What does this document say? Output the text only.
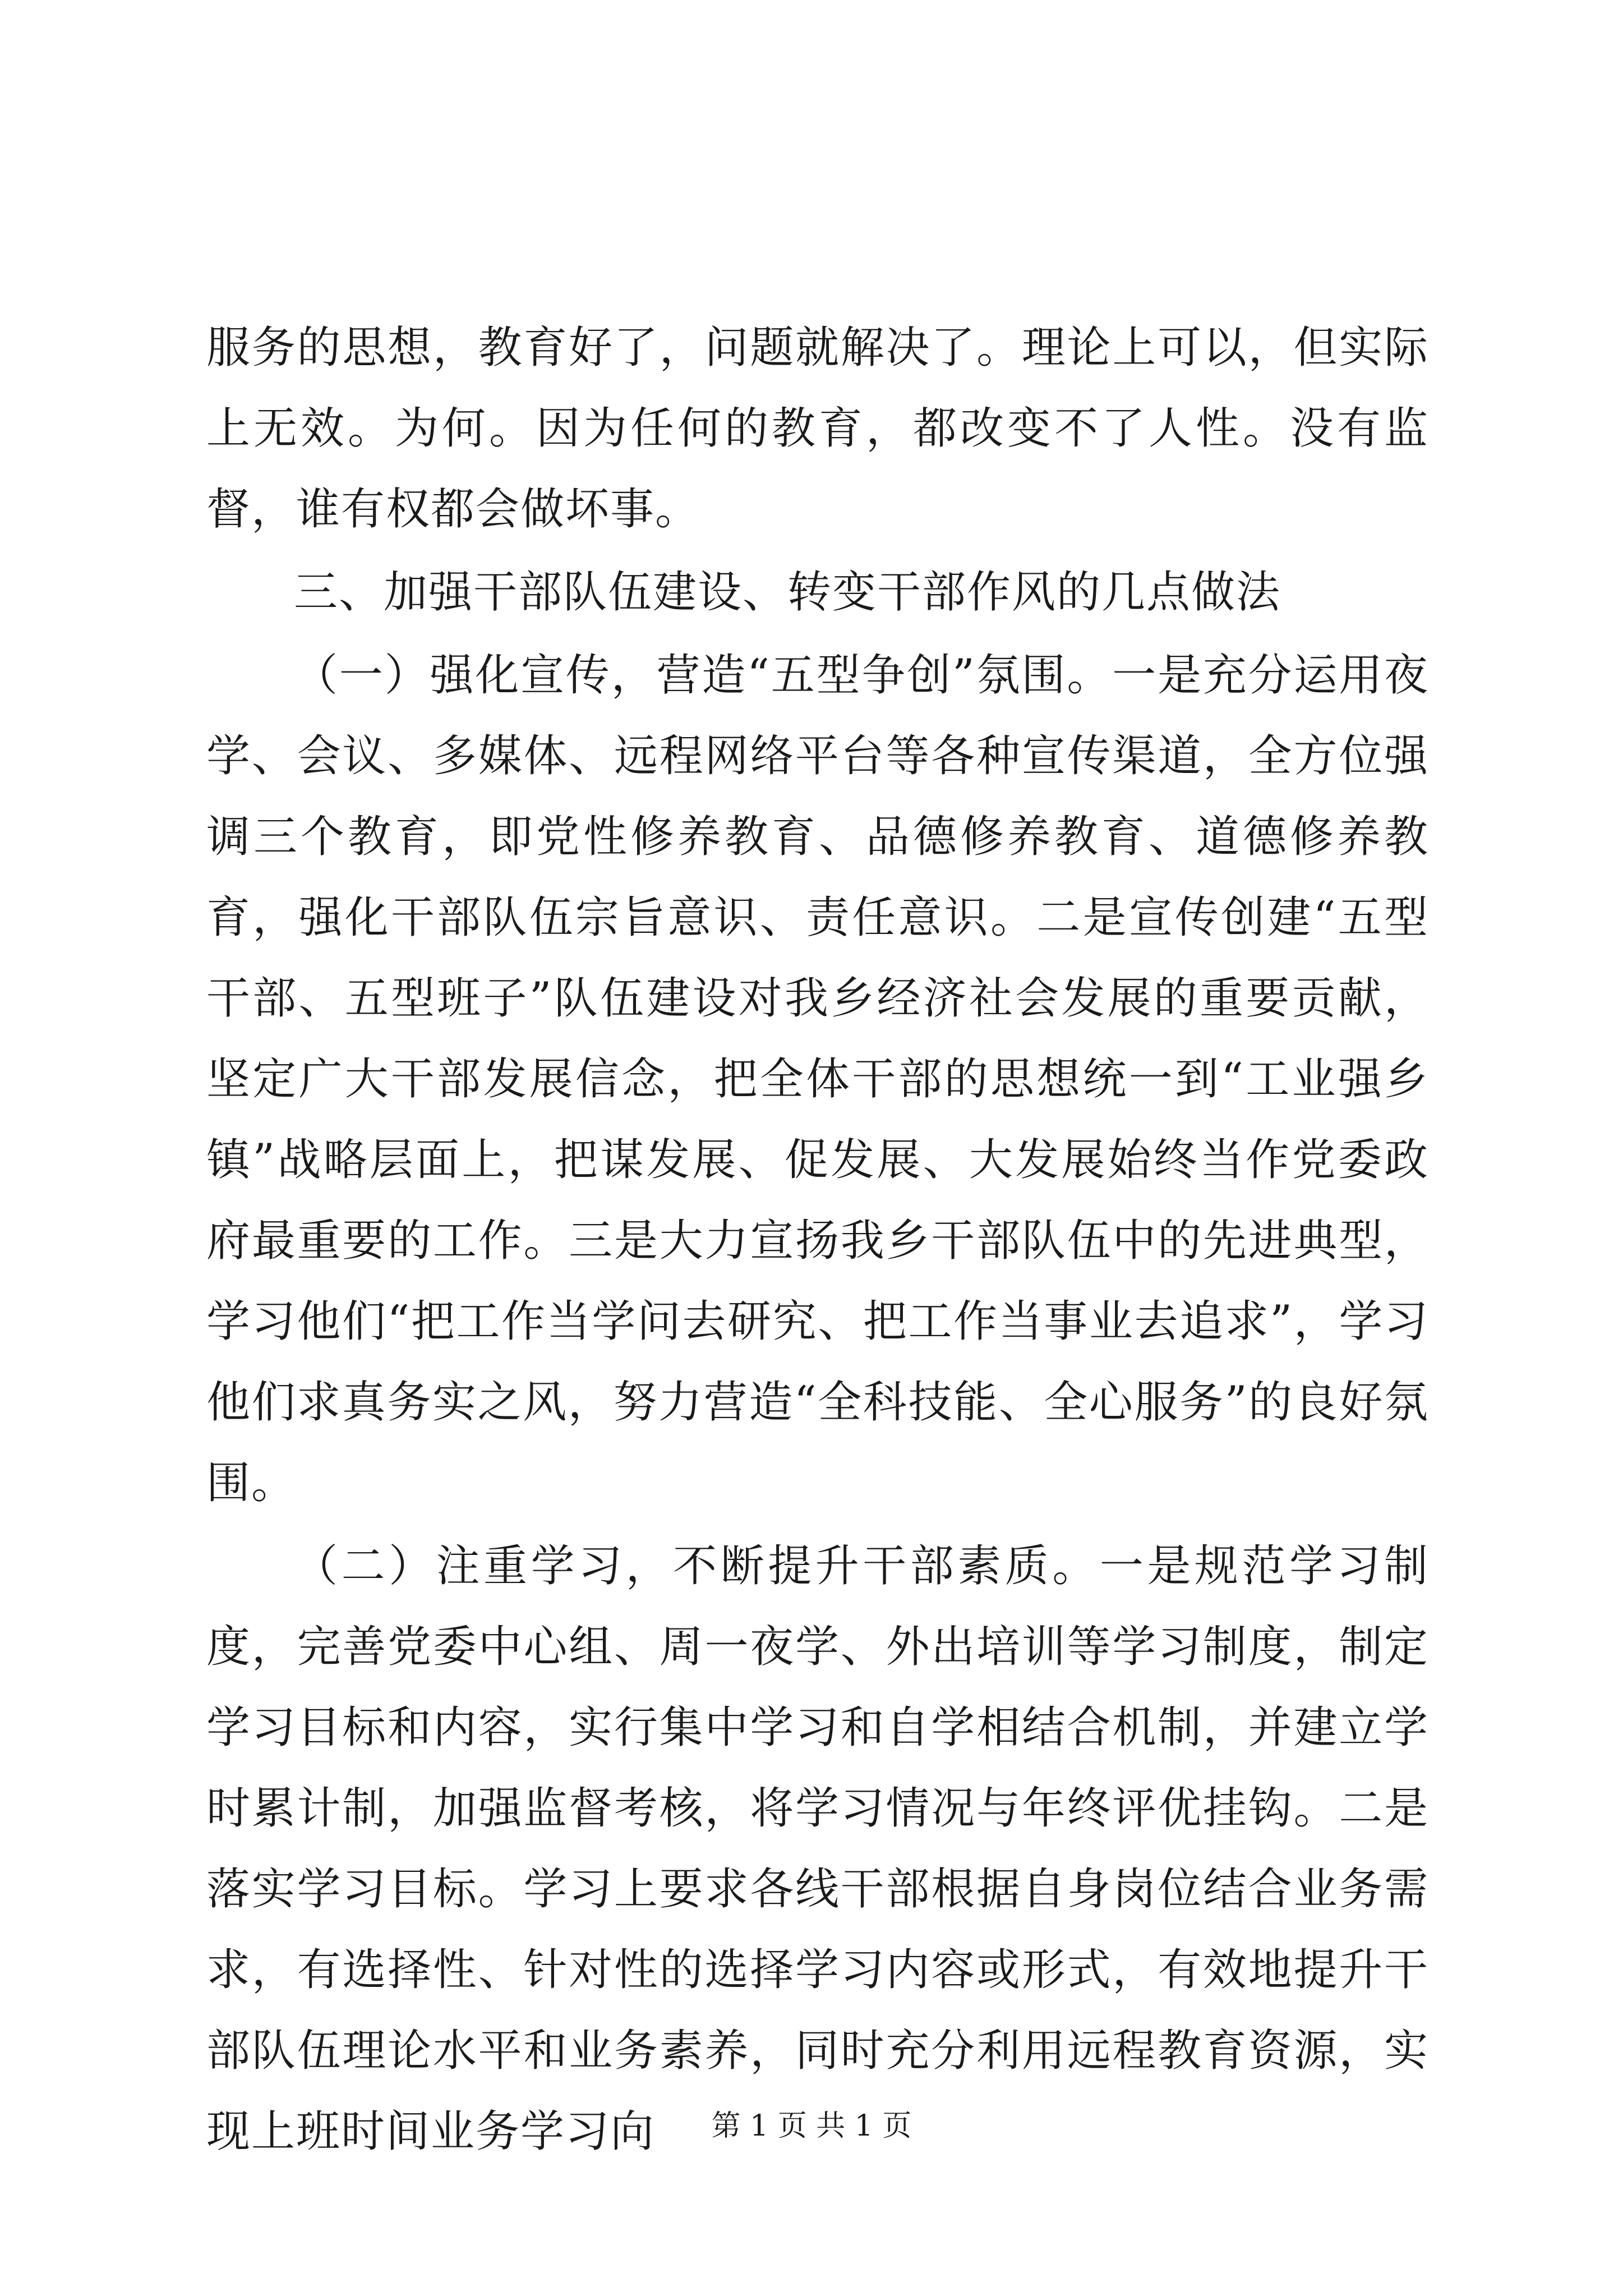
服务的思想，教育好了，问题就解决了。理论上可以，但实际上无效。为何。因为任何的教育，都改变不了人性。没有监督，谁有权都会做坏事。

三、加强干部队伍建设、转变干部作风的几点做法

（一）强化宣传，营造“五型争创”氛围。一是充分运用夜学、会议、多媒体、远程网络平台等各种宣传渠道，全方位强调三个教育，即党性修养教育、品德修养教育、道德修养教育，强化干部队伍宗旨意识、责任意识。二是宣传创建“五型干部、五型班子”队伍建设对我乡经济社会发展的重要贡献，坚定广大干部发展信念，把全体干部的思想统一到“工业强乡镇”战略层面上，把谋发展、促发展、大发展始终当作党委政府最重要的工作。三是大力宣扬我乡干部队伍中的先进典型，学习他们“把工作当学问去研究、把工作当事业去追求”，学习他们求真务实之风，努力营造“全科技能、全心服务”的良好氛围。

（二）注重学习，不断提升干部素质。一是规范学习制度，完善党委中心组、周一夜学、外出培训等学习制度，制定学习目标和内容，实行集中学习和自学相结合机制，并建立学时累计制，加强监督考核，将学习情况与年终评优挂钩。二是落实学习目标。学习上要求各线干部根据自身岗位结合业务需求，有选择性、针对性的选择学习内容或形式，有效地提升干部队伍理论水平和业务素养，同时充分利用远程教育资源，实现上班时间业务学习向	第 1 页 共 1 页
